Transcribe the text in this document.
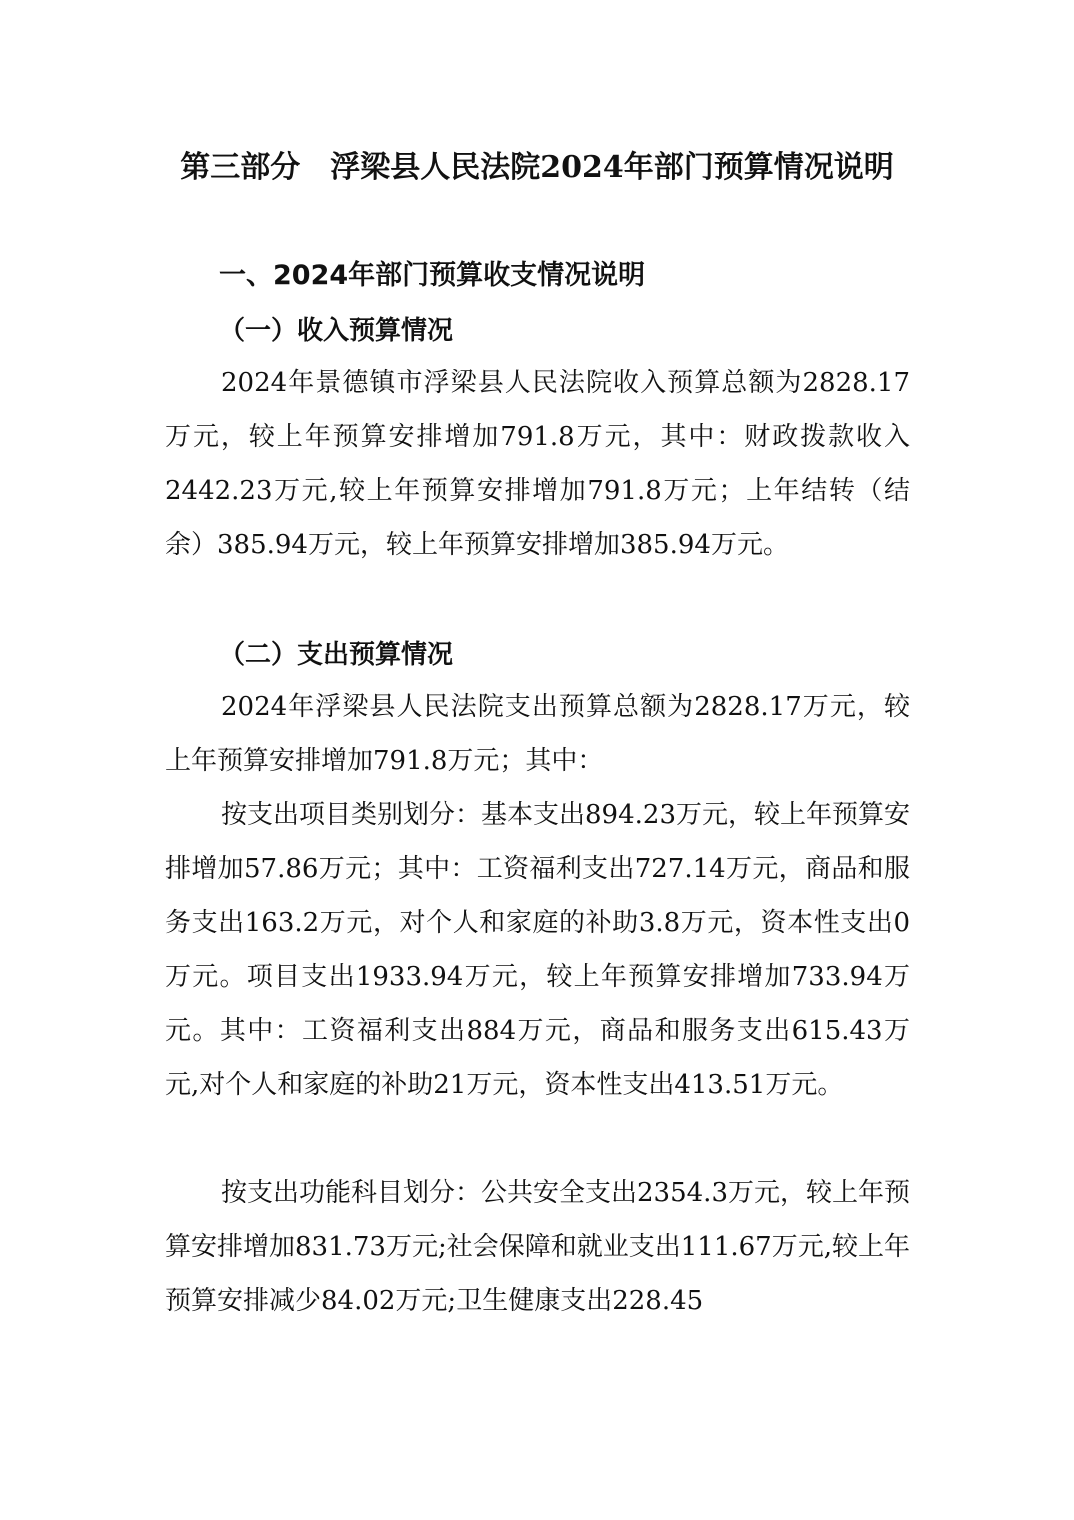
第三部分　浮梁县人民法院2024年部门预算情况说明
一、2024年部门预算收支情况说明
（一）收入预算情况

2024年景德镇市浮梁县人民法院收入预算总额为2828.17万元，较上年预算安排增加791.8万元，其中：财政拨款收入2442.23万元,较上年预算安排增加791.8万元；上年结转（结余）385.94万元，较上年预算安排增加385.94万元。

（二）支出预算情况

2024年浮梁县人民法院支出预算总额为2828.17万元，较上年预算安排增加791.8万元；其中：

按支出项目类别划分：基本支出894.23万元，较上年预算安排增加57.86万元；其中：工资福利支出727.14万元，商品和服务支出163.2万元，对个人和家庭的补助3.8万元，资本性支出0万元。项目支出1933.94万元，较上年预算安排增加733.94万元。其中：工资福利支出884万元，商品和服务支出615.43万元,对个人和家庭的补助21万元，资本性支出413.51万元。

按支出功能科目划分：公共安全支出2354.3万元，较上年预算安排增加831.73万元;社会保障和就业支出111.67万元,较上年预算安排减少84.02万元;卫生健康支出228.45
